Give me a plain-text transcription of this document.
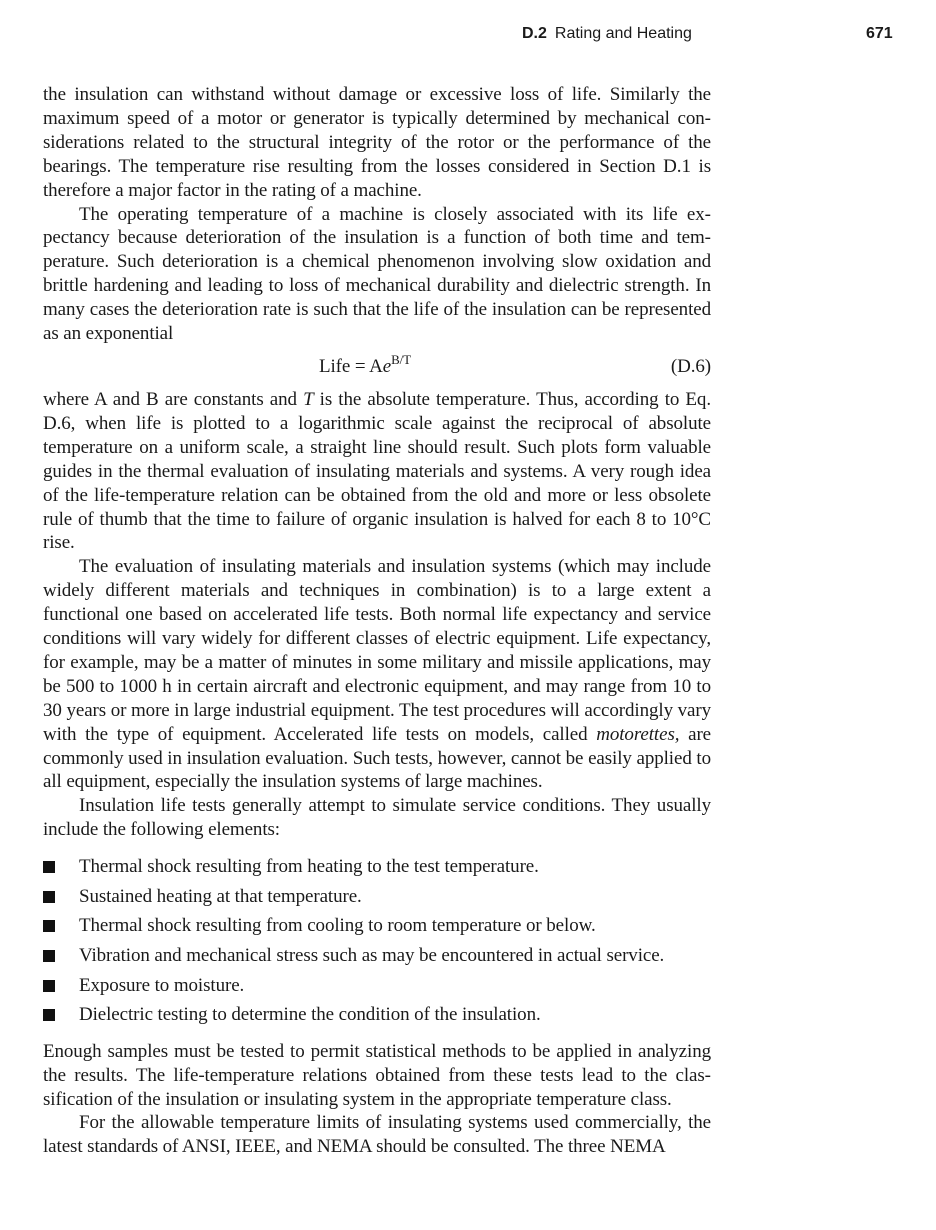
D.2 Rating and Heating	671

the insulation can withstand without damage or excessive loss of life. Similarly the maximum speed of a motor or generator is typically determined by mechanical considerations related to the structural integrity of the rotor or the performance of the bearings. The temperature rise resulting from the losses considered in Section D.1 is therefore a major factor in the rating of a machine.

The operating temperature of a machine is closely associated with its life expectancy because deterioration of the insulation is a function of both time and temperature. Such deterioration is a chemical phenomenon involving slow oxidation and brittle hardening and leading to loss of mechanical durability and dielectric strength. In many cases the deterioration rate is such that the life of the insulation can be represented as an exponential

Life = $Ae^{B/T}$	(D.6)

where A and B are constants and T is the absolute temperature. Thus, according to Eq. D.6, when life is plotted to a logarithmic scale against the reciprocal of absolute temperature on a uniform scale, a straight line should result. Such plots form valuable guides in the thermal evaluation of insulating materials and systems. A very rough idea of the life-temperature relation can be obtained from the old and more or less obsolete rule of thumb that the time to failure of organic insulation is halved for each 8 to 10°C rise.

The evaluation of insulating materials and insulation systems (which may include widely different materials and techniques in combination) is to a large extent a functional one based on accelerated life tests. Both normal life expectancy and service conditions will vary widely for different classes of electric equipment. Life expectancy, for example, may be a matter of minutes in some military and missile applications, may be 500 to 1000 h in certain aircraft and electronic equipment, and may range from 10 to 30 years or more in large industrial equipment. The test procedures will accordingly vary with the type of equipment. Accelerated life tests on models, called motorettes, are commonly used in insulation evaluation. Such tests, however, cannot be easily applied to all equipment, especially the insulation systems of large machines.

Insulation life tests generally attempt to simulate service conditions. They usually include the following elements:

Thermal shock resulting from heating to the test temperature.
Sustained heating at that temperature.
Thermal shock resulting from cooling to room temperature or below.
Vibration and mechanical stress such as may be encountered in actual service.
Exposure to moisture.
Dielectric testing to determine the condition of the insulation.

Enough samples must be tested to permit statistical methods to be applied in analyzing the results. The life-temperature relations obtained from these tests lead to the classification of the insulation or insulating system in the appropriate temperature class.

For the allowable temperature limits of insulating systems used commercially, the latest standards of ANSI, IEEE, and NEMA should be consulted. The three NEMA
